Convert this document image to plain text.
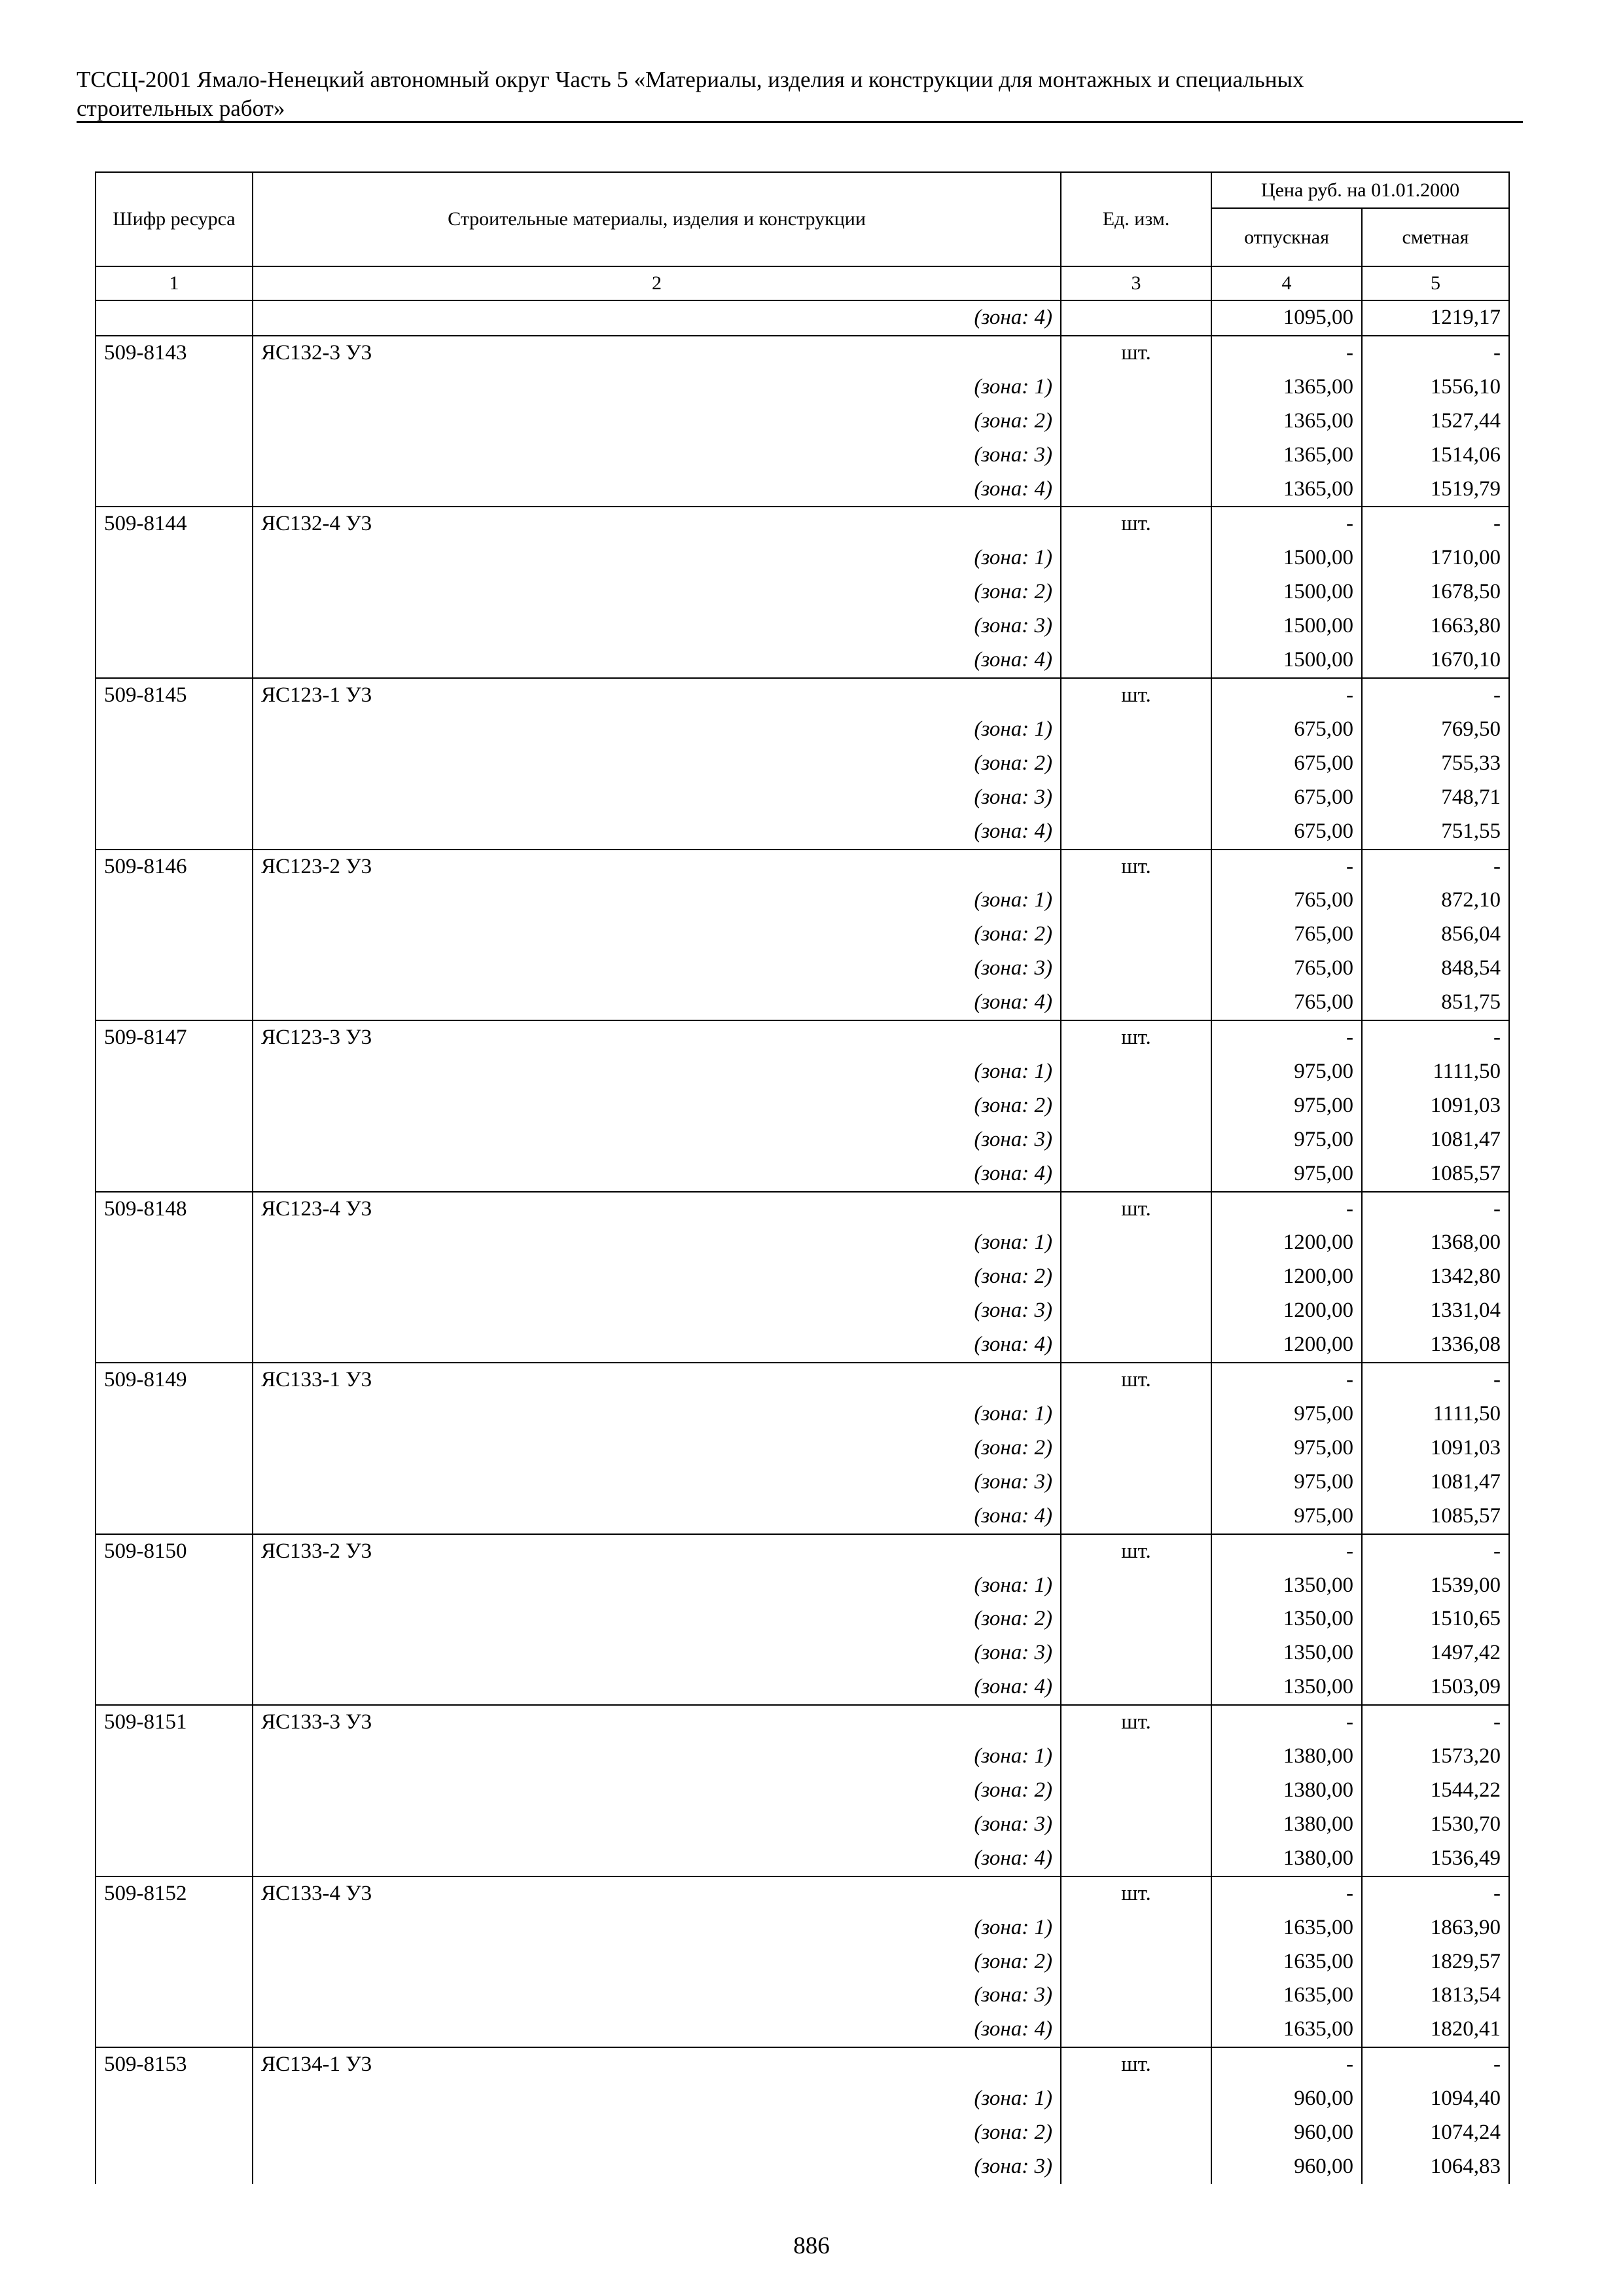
ТССЦ-2001 Ямало-Ненецкий автономный округ Часть 5 «Материалы, изделия и конструкции для монтажных и специальных
строительных работ»
Шифр ресурса	Строительные материалы, изделия и конструкции	Ед. изм.	Цена руб. на 01.01.2000	
			отпускная	сметная
1	2	3	4	5
	(зона: 4)		1095,00	1219,17
509-8143	ЯС132-3 У3	шт.	-	-
	(зона: 1)		1365,00	1556,10
	(зона: 2)		1365,00	1527,44
	(зона: 3)		1365,00	1514,06
	(зона: 4)		1365,00	1519,79
509-8144	ЯС132-4 У3	шт.	-	-
	(зона: 1)		1500,00	1710,00
	(зона: 2)		1500,00	1678,50
	(зона: 3)		1500,00	1663,80
	(зона: 4)		1500,00	1670,10
509-8145	ЯС123-1 У3	шт.	-	-
	(зона: 1)		675,00	769,50
	(зона: 2)		675,00	755,33
	(зона: 3)		675,00	748,71
	(зона: 4)		675,00	751,55
509-8146	ЯС123-2 У3	шт.	-	-
	(зона: 1)		765,00	872,10
	(зона: 2)		765,00	856,04
	(зона: 3)		765,00	848,54
	(зона: 4)		765,00	851,75
509-8147	ЯС123-3 У3	шт.	-	-
	(зона: 1)		975,00	1111,50
	(зона: 2)		975,00	1091,03
	(зона: 3)		975,00	1081,47
	(зона: 4)		975,00	1085,57
509-8148	ЯС123-4 У3	шт.	-	-
	(зона: 1)		1200,00	1368,00
	(зона: 2)		1200,00	1342,80
	(зона: 3)		1200,00	1331,04
	(зона: 4)		1200,00	1336,08
509-8149	ЯС133-1 У3	шт.	-	-
	(зона: 1)		975,00	1111,50
	(зона: 2)		975,00	1091,03
	(зона: 3)		975,00	1081,47
	(зона: 4)		975,00	1085,57
509-8150	ЯС133-2 У3	шт.	-	-
	(зона: 1)		1350,00	1539,00
	(зона: 2)		1350,00	1510,65
	(зона: 3)		1350,00	1497,42
	(зона: 4)		1350,00	1503,09
509-8151	ЯС133-3 У3	шт.	-	-
	(зона: 1)		1380,00	1573,20
	(зона: 2)		1380,00	1544,22
	(зона: 3)		1380,00	1530,70
	(зона: 4)		1380,00	1536,49
509-8152	ЯС133-4 У3	шт.	-	-
	(зона: 1)		1635,00	1863,90
	(зона: 2)		1635,00	1829,57
	(зона: 3)		1635,00	1813,54
	(зона: 4)		1635,00	1820,41
509-8153	ЯС134-1 У3	шт.	-	-
	(зона: 1)		960,00	1094,40
	(зона: 2)		960,00	1074,24
	(зона: 3)		960,00	1064,83
886
